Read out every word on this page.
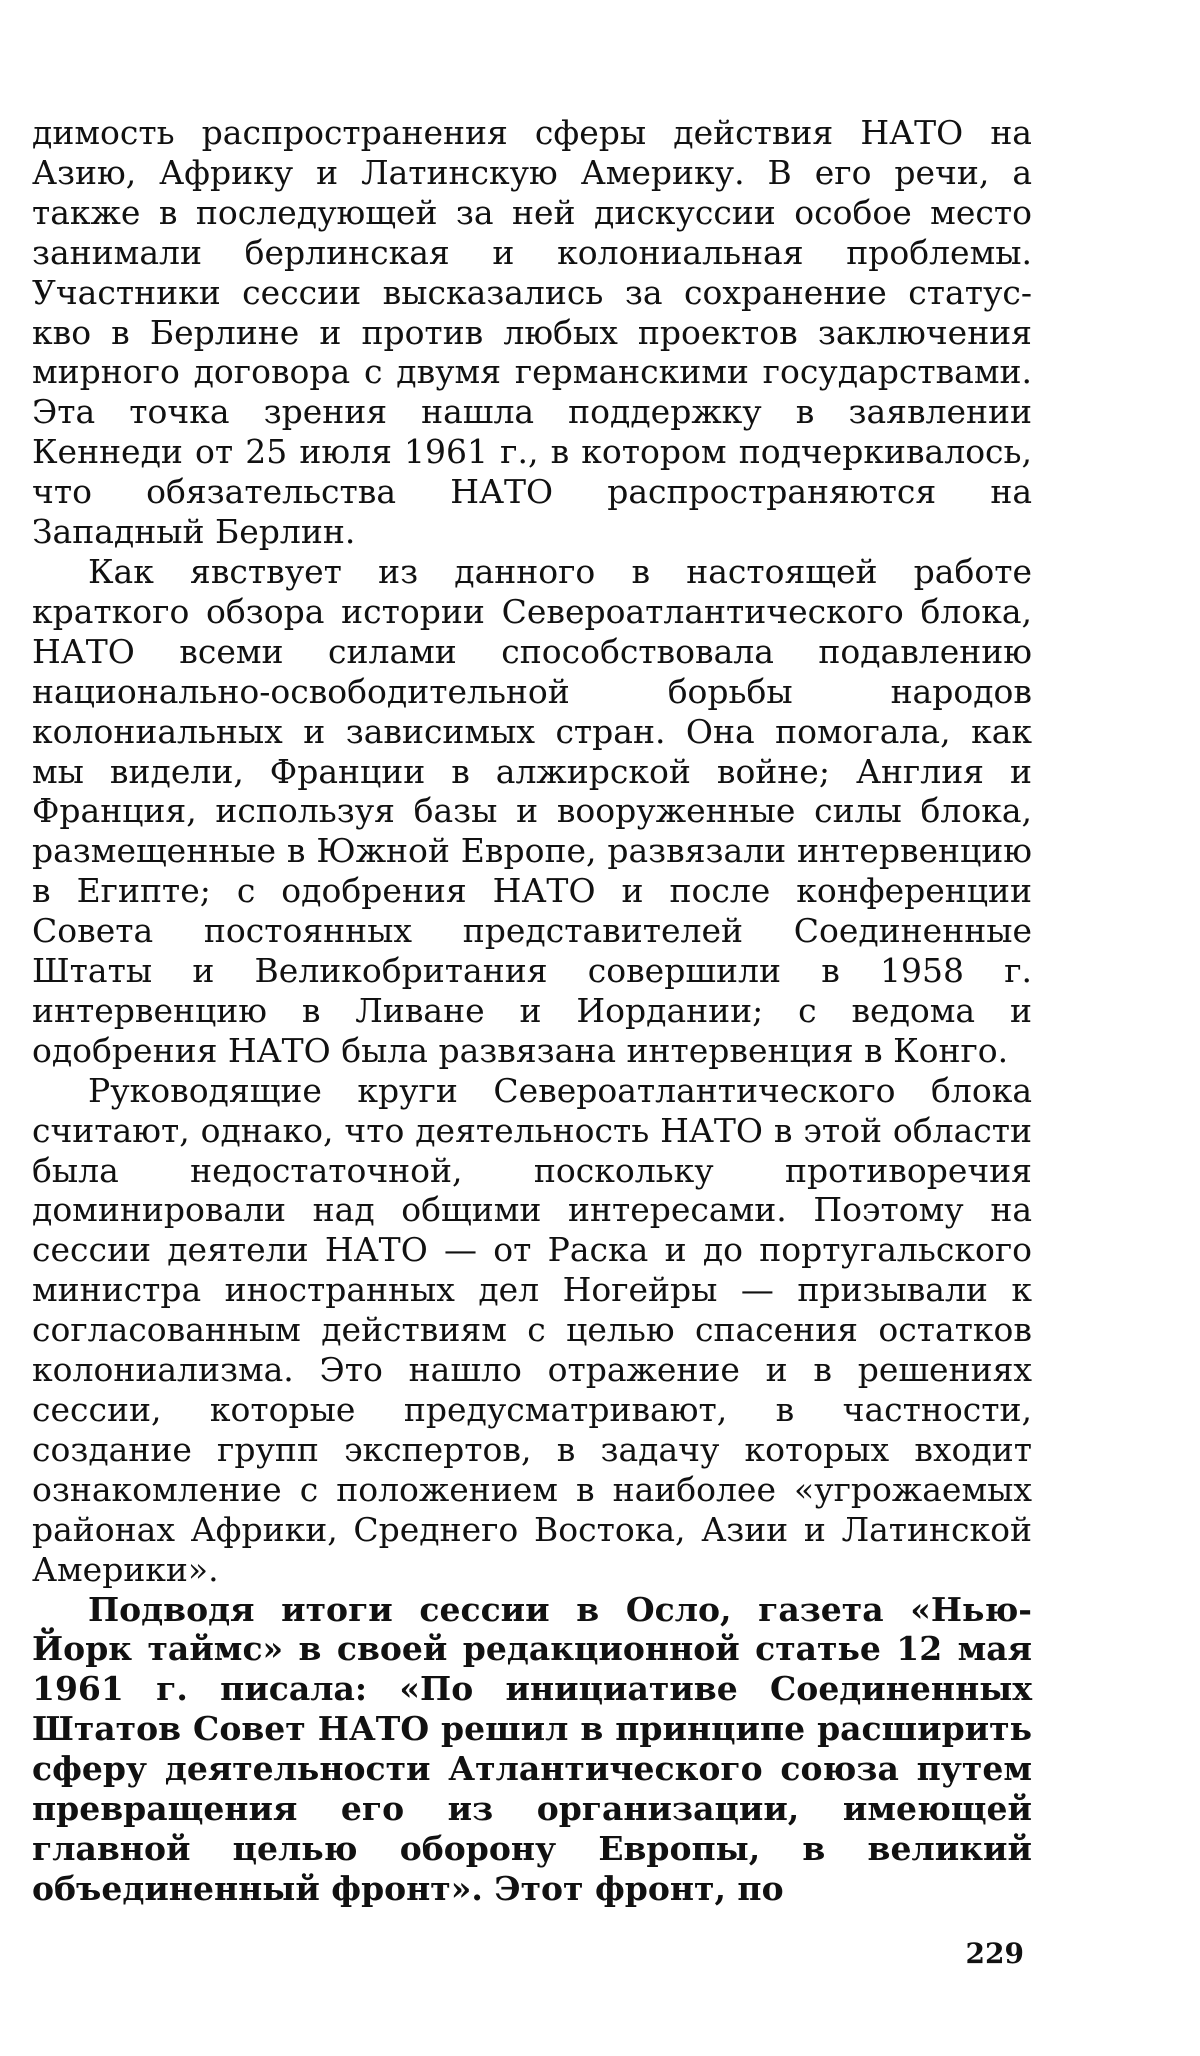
димость распространения сферы действия НАТО на Азию, Африку и Латинскую Америку. В его речи, а также в последующей за ней дискуссии особое место занимали берлинская и колониальная проблемы. Участники сессии высказались за сохранение статус-кво в Берлине и против любых проектов заключения мирного договора с двумя германскими государствами. Эта точка зрения нашла поддержку в заявлении Кеннеди от 25 июля 1961 г., в котором подчеркивалось, что обязательства НАТО распространяются на Западный Берлин.

Как явствует из данного в настоящей работе краткого обзора истории Североатлантического блока, НАТО всеми силами способствовала подавлению национально-освободительной борьбы народов колониальных и зависимых стран. Она помогала, как мы видели, Франции в алжирской войне; Англия и Франция, используя базы и вооруженные силы блока, размещенные в Южной Европе, развязали интервенцию в Египте; с одобрения НАТО и после конференции Совета постоянных представителей Соединенные Штаты и Великобритания совершили в 1958 г. интервенцию в Ливане и Иордании; с ведома и одобрения НАТО была развязана интервенция в Конго.

Руководящие круги Североатлантического блока считают, однако, что деятельность НАТО в этой области была недостаточной, поскольку противоречия доминировали над общими интересами. Поэтому на сессии деятели НАТО — от Раска и до португальского министра иностранных дел Ногейры — призывали к согласованным действиям с целью спасения остатков колониализма. Это нашло отражение и в решениях сессии, которые предусматривают, в частности, создание групп экспертов, в задачу которых входит ознакомление с положением в наиболее «угрожаемых районах Африки, Среднего Востока, Азии и Латинской Америки».

Подводя итоги сессии в Осло, газета «Нью-Йорк таймс» в своей редакционной статье 12 мая 1961 г. писала: «По инициативе Соединенных Штатов Совет НАТО решил в принципе расширить сферу деятельности Атлантического союза путем превращения его из организации, имеющей главной целью оборону Европы, в великий объединенный фронт». Этот фронт, по

229
